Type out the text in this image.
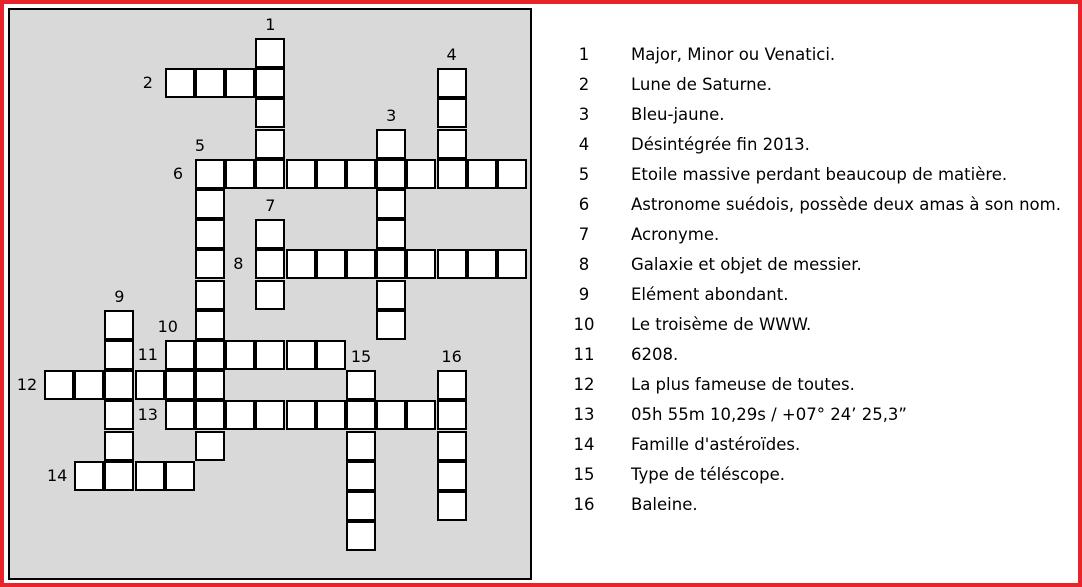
1
2
3
4
5
6
7
8
9
10
11
12
13
14
15	16
1	Major, Minor ou Venatici.
2	Lune de Saturne.
3	Bleu-jaune.
4	Désintégrée fin 2013.
5	Etoile massive perdant beaucoup de matière.
6	Astronome suédois, possède deux amas à son nom.
7	Acronyme.
8	Galaxie et objet de messier.
9	Elément abondant.
10 Le troisème de WWW.
11 6208.
12 La plus fameuse de toutes.
13 05h 55m 10,29s / +07° 24’ 25,3”
14 Famille d'astéroïdes.
15 Type de téléscope.
16 Baleine.
